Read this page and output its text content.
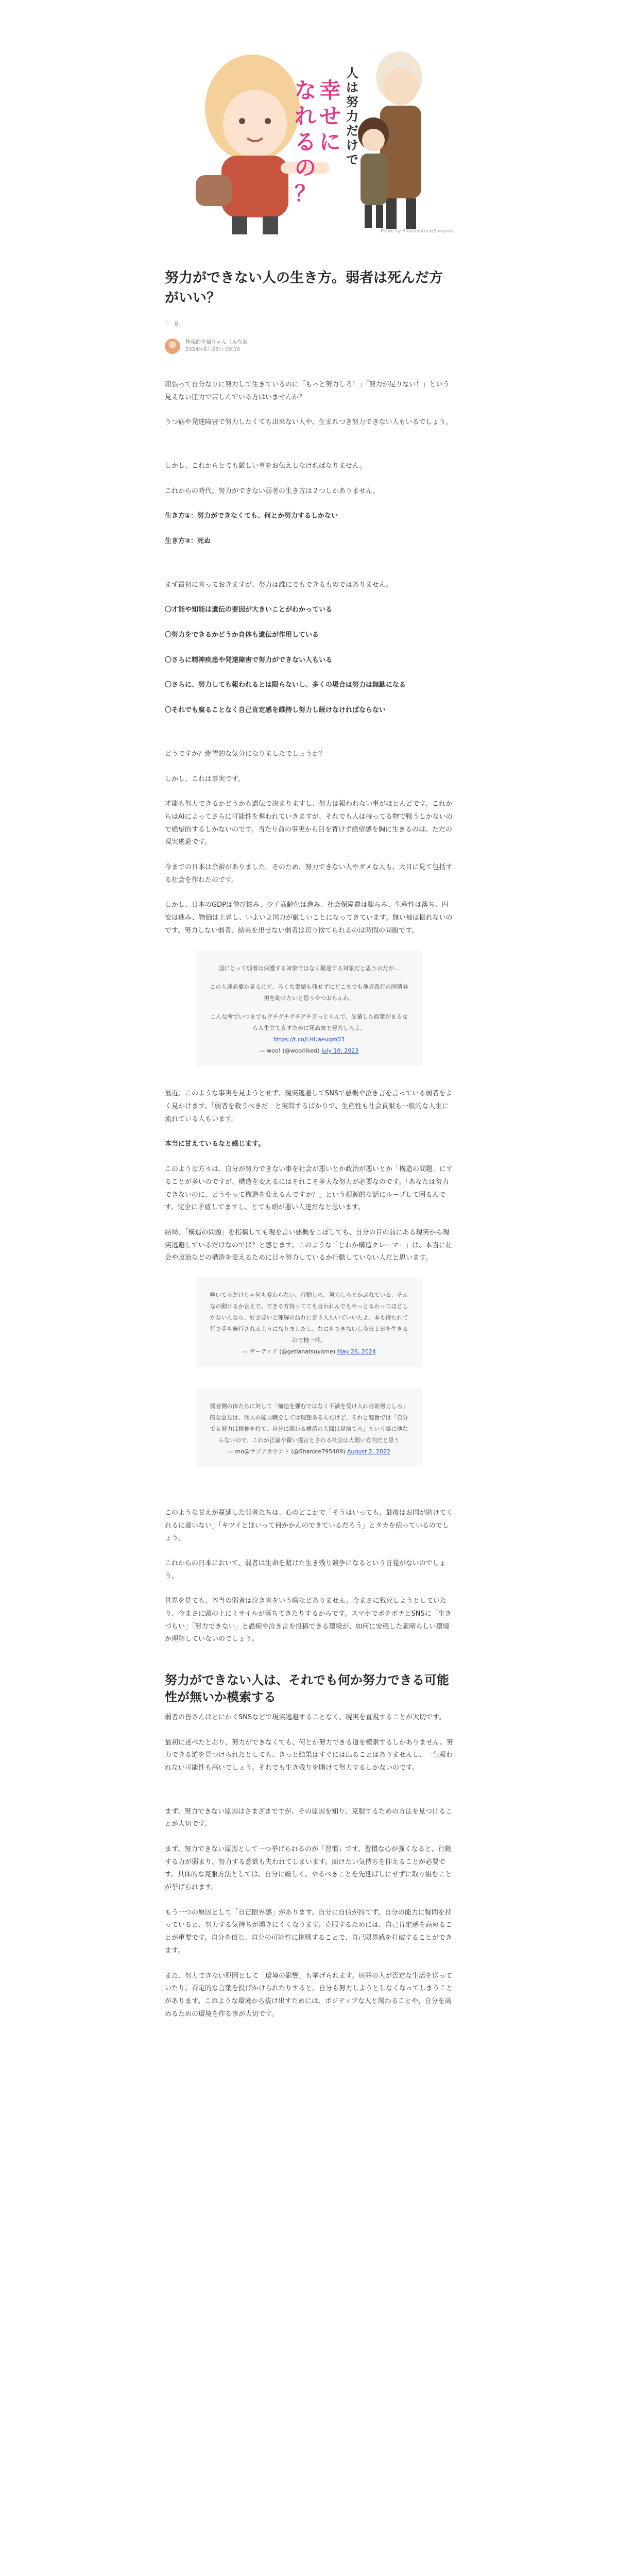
人
は
努
力
だ
け
で
幸
せ
に
な
れ
る
の
？
Photo by Shutterstock/Sanyous
努力ができない人の生き方。弱者は死んだ方がいい？
♡ 0
体現的幸福ちゃん（Ａ代表
2024年8月28日 09:10

頑張って自分なりに努力して生きているのに「もっと努力しろ！」「努力が足りない！」という見えない圧力で苦しんでいる方はいませんか？

うつ病や発達障害で努力したくても出来ない人や、生まれつき努力できない人もいるでしょう。

しかし、これからとても厳しい事をお伝えしなければなりません。

これからの時代、努力ができない弱者の生き方は２つしかありません。

生き方①：努力ができなくても、何とか努力するしかない

生き方②：死ぬ

まず最初に言っておきますが、努力は誰にでもできるものではありません。

〇才能や知能は遺伝の要因が大きいことがわかっている

〇努力をできるかどうか自体も遺伝が作用している

〇さらに精神疾患や発達障害で努力ができない人もいる

〇さらに、努力しても報われるとは限らないし、多くの場合は努力は無駄になる

〇それでも腐ることなく自己肯定感を維持し努力し続けなければならない

どうですか？絶望的な気分になりましたでしょうか？

しかし、これは事実です。

才能も努力できるかどうかも遺伝で決まりますし、努力は報われない事がほとんどです。これからはAIによってさらに可能性を奪われていきますが、それでも人は持ってる物で戦うしかないので絶望的するしかないのです。当たり前の事実から目を背けず絶望感を胸に生きるのは、ただの現実逃避です。

今までの日本は余裕がありました。そのため、努力できない人やダメな人も、大目に見て包括する社会を作れたのです。

しかし、日本のGDPは伸び悩み、少子高齢化は進み、社会保障費は膨らみ、生産性は落ち、円安は進み、物価は上昇し、いよいよ国力が厳しいことになってきています。無い袖は振れないのです。努力しない弱者、結果を出せない弱者は切り捨てられるのは時間の問題です。

国にとって弱者は保護する対象ではなく駆逐する対象だと思うのだが…

この人達必要か見るけど、ろくな業績も残せずにどこまでも他者我行の国債券担を助けたいと思うやつおらんわ。

こんな所でいつまでもグチグチグチグチ言っとらんで、先輩した政策がまるなら人生立て直すために死ぬ気で努力しろよ。

https://t.co/LHUaeugm03

— woo! (@woo(liked) July 10, 2023

最近、このような事実を見ようとせず、現実逃避してSNSで悪概や泣き言を言っている弱者をよく見かけます。「弱者を救うべきだ」と実問するばかりで、生産性も社会貢献も一般的な人生に流れている人もいます。

本当に甘えているなと感じます。

このような方々は、自分が努力できない事を社会が悪いとか政治が悪いとか「構造の問題」にすることが多いのですが、構造を変えるにはそれこそ多大な努力が必要なのです。「あなたは努力できないのに、どうやって構造を変えるんですか？」という根源的な話にループして困るんです。完全に矛盾してますし、とても頭が悪い人達だなと思います。

結局、「構造の問題」を指摘しても現を言い悪概をこぼしても、自分の目の前にある現実から現実逃避しているだけなのでは？と感じます。このような「じわか構造クレーマー」は、本当に社会や政治などの構造を変えるために日々努力しているか行動していない人だと思います。

嘆いてるだけじゃ何も変わらない、行動しろ、努力しろとかぶれている、そんなの動けるか言えで、できる方持ってても言われんでもやっとるわってほどしかないんなら、好きほいと理解の訪れに言う人たいていいたよ、本も持たれて行で手も無行されるようになりましたし、なにもできないし今日１日を生きるので精一杯。

— ゲーティア (@getianatsuyome) May 26, 2024

弱者側の体たちに対して「構造を弾むではなく不満を受け入れ自助努力しろ」的な意見は、個人の能力職をしては理想あるんだけど、それと趣旨では「自分でも努力は精神を持て、自分に関わる構造の人間は見捨てろ」という事に他ならないので、これが正論や賢い提言とされる社会は大弱い方向だと思う

— mo@サブアカウント (@Shanice795409) August 2, 2022

このような甘えが蔓延した弱者たちは、心のどこかで「そうはいっても、最後はお国が助けてくれるに違いない」「キツイとほいって何かかんのできているだろう」とタカを括っているのでしょう。

これからの日本において、弱者は生命を賭けた生き残り競争になるという自覚がないのでしょう。

世界を見ても、本当の弱者は泣き言をいう暇などありません。今まさに戦死しようとしていたり、今まさに頭の上にミサイルが落ちてきたりするからです。スマホでポチポチとSNSに「生きづらい」「努力できない」と愚痴や泣き言を投稿できる環境が、如何に安穏した素晴らしい環境か理解していないのでしょう。

努力ができない人は、それでも何か努力できる可能性が無いか模索する

弱者の皆さんはとにかくSNSなどで現実逃避することなく、現実を直視することが大切です。

最初に述べたとおり、努力ができなくても、何とか努力できる道を模索するしかありません。努力できる道を見つけられたとしても、きっと結果はすぐには出ることはありませんし、一生報われない可能性も高いでしょう。それでも生き残りを賭けて努力するしかないのです。

まず、努力できない原因はさまざまですが、その原因を知り、克服するための方法を見つけることが大切です。

まず、努力できない原因として一つ挙げられるのが「習慣」です。習慣な心が強くなると、行動する力が弱まり、努力する意欲も失われてしまいます。面けたい気持ちを抑えることが必要です。具体的な克服方法としては、自分に厳しく、やるべきことを先延ばしにせずに取り組むことが挙げられます。

もう一つの原因として「自己限界感」があります。自分に自信が持てず、自分の能力に疑問を持っていると、努力する気持ちが湧きにくくなります。克服するためには、自己肯定感を高めることが重要です。自分を信じ、自分の可能性に挑戦することで、自己限界感を打破することができます。

また、努力できない原因として「環境の影響」も挙げられます。周囲の人が否定な生活を送っていたり、否定的な言葉を投げかけられたりすると、自分も努力しようとしなくなってしまうことがあります。このような環境から抜け出すためには、ポジティブな人と関わることや、自分を高めるための環境を作る事が大切です。
